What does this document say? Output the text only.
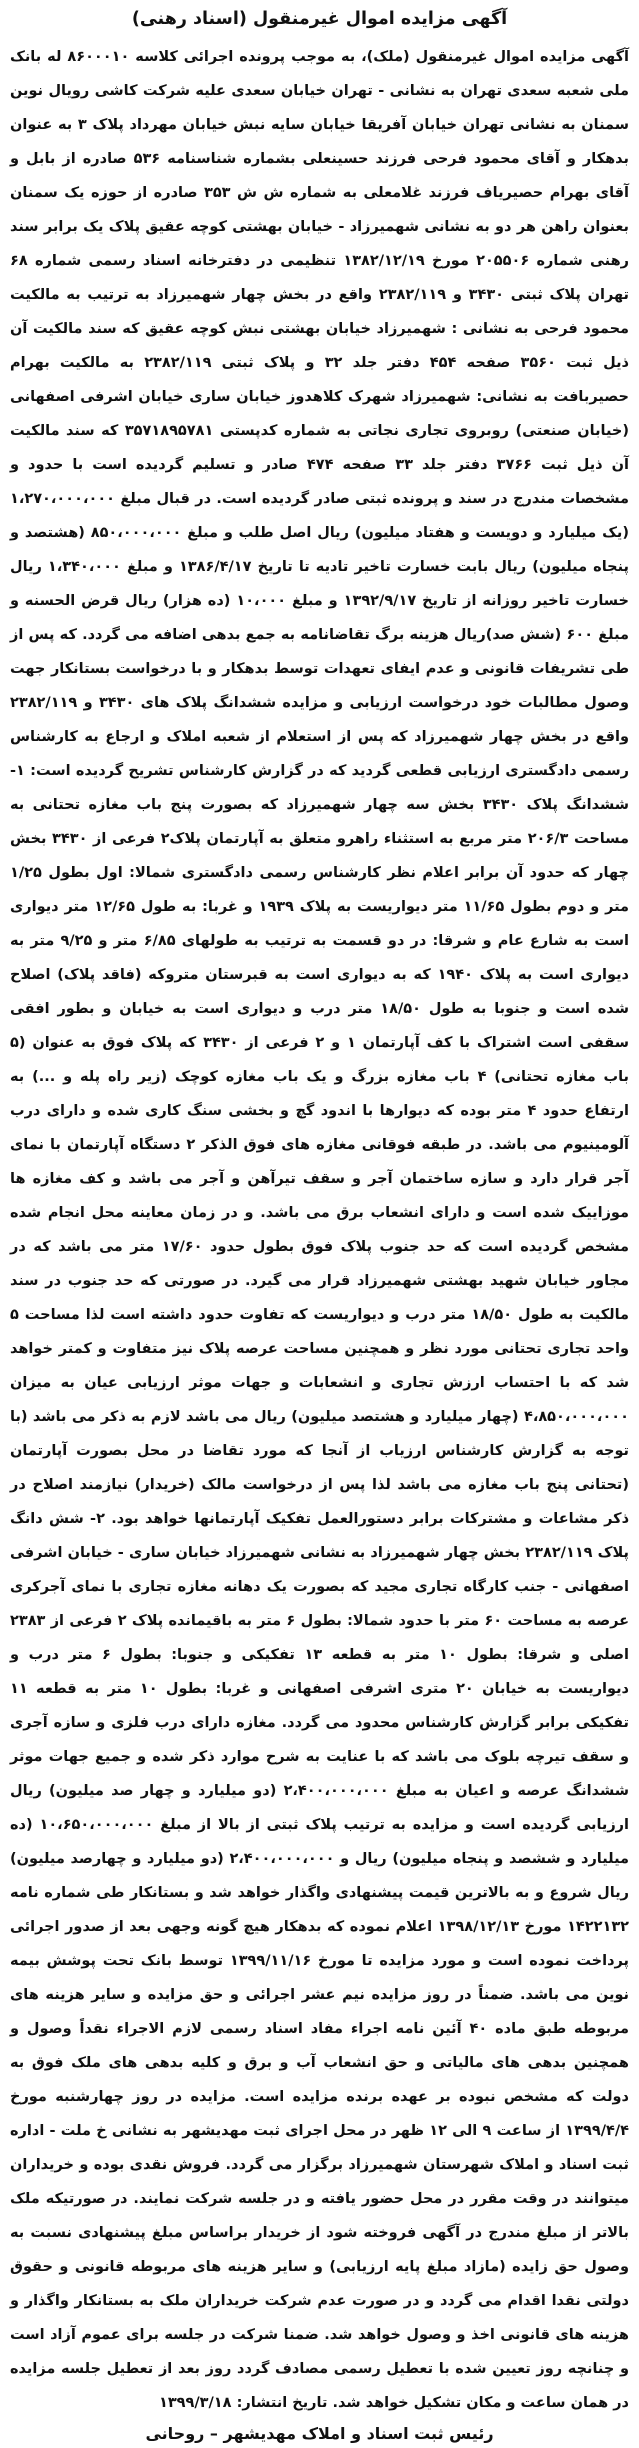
آگهی مزایده اموال غیرمنقول (اسناد رهنی)

آگهی مزایده اموال غیرمنقول (ملک)، به موجب پرونده اجرائی کلاسه ۸۶۰۰۰۱۰ له بانک ملی شعبه سعدی تهران به نشانی - تهران خیابان سعدی علیه شرکت کاشی رویال نوین سمنان به نشانی تهران خیابان آفریقا خیابان سایه نبش خیابان مهرداد پلاک ۳ به عنوان بدهکار و آقای محمود فرحی فرزند حسینعلی بشماره شناسنامه ۵۳۶ صادره از بابل و آقای بهرام حصیریاف فرزند غلامعلی به شماره ش ش ۳۵۳ صادره از حوزه یک سمنان بعنوان راهن هر دو به نشانی شهمیرزاد - خیابان بهشتی کوچه عقیق پلاک یک برابر سند رهنی شماره ۲۰۵۵۰۶ مورخ ۱۳۸۲/۱۲/۱۹ تنظیمی در دفترخانه اسناد رسمی شماره ۶۸ تهران پلاک ثبتی ۳۴۳۰ و ۲۳۸۲/۱۱۹ واقع در بخش چهار شهمیرزاد به ترتیب به مالکیت محمود فرحی به نشانی : شهمیرزاد خیابان بهشتی نبش کوچه عقیق که سند مالکیت آن ذیل ثبت ۳۵۶۰ صفحه ۴۵۴ دفتر جلد ۳۲ و پلاک ثبتی ۲۳۸۲/۱۱۹ به مالکیت بهرام حصیربافت به نشانی: شهمیرزاد شهرک کلاهدوز خیابان ساری خیابان اشرفی اصفهانی (خیابان صنعتی) روبروی تجاری نجاتی به شماره کدپستی ۳۵۷۱۸۹۵۷۸۱ که سند مالکیت آن ذیل ثبت ۳۷۶۶ دفتر جلد ۳۳ صفحه ۴۷۴ صادر و تسلیم گردیده است با حدود و مشخصات مندرج در سند و پرونده ثبتی صادر گردیده است. در قبال مبلغ ۱،۲۷۰،۰۰۰،۰۰۰ (یک میلیارد و دویست و هفتاد میلیون) ریال اصل طلب و مبلغ ۸۵۰،۰۰۰،۰۰۰ (هشتصد و پنجاه میلیون) ریال بابت خسارت تاخیر تادیه تا تاریخ ۱۳۸۶/۴/۱۷ و مبلغ ۱،۳۴۰،۰۰۰ ریال خسارت تاخیر روزانه از تاریخ ۱۳۹۲/۹/۱۷ و مبلغ ۱۰،۰۰۰ (ده هزار) ریال قرض الحسنه و مبلغ ۶۰۰ (شش صد)ریال هزینه برگ تقاضانامه به جمع بدهی اضافه می گردد. که پس از طی تشریفات قانونی و عدم ایفای تعهدات توسط بدهکار و با درخواست بستانکار جهت وصول مطالبات خود درخواست ارزیابی و مزایده ششدانگ پلاک های ۳۴۳۰ و ۲۳۸۲/۱۱۹ واقع در بخش چهار شهمیرزاد که پس از استعلام از شعبه املاک و ارجاع به کارشناس رسمی دادگستری ارزیابی قطعی گردید که در گزارش کارشناس تشریح گردیده است: ۱- ششدانگ پلاک ۳۴۳۰ بخش سه چهار شهمیرزاد که بصورت پنج باب مغازه تحتانی به مساحت ۲۰۶/۳ متر مربع به استثناء راهرو متعلق به آپارتمان پلاک۲ فرعی از ۳۴۳۰ بخش چهار که حدود آن برابر اعلام نظر کارشناس رسمی دادگستری شمالا: اول بطول ۱/۲۵ متر و دوم بطول ۱۱/۶۵ متر دیواریست به پلاک ۱۹۳۹ و غربا: به طول ۱۲/۶۵ متر دیواری است به شارع عام و شرقا: در دو قسمت به ترتیب به طولهای ۶/۸۵ متر و ۹/۲۵ متر به دیواری است به پلاک ۱۹۴۰ که به دیواری است به قبرستان متروکه (فاقد پلاک) اصلاح شده است و جنوبا به طول ۱۸/۵۰ متر درب و دیواری است به خیابان و بطور افقی سقفی است اشتراک با کف آپارتمان ۱ و ۲ فرعی از ۳۴۳۰ که پلاک فوق به عنوان (۵ باب مغازه تحتانی) ۴ باب مغازه بزرگ و یک باب مغازه کوچک (زیر راه پله و ...) به ارتفاع حدود ۴ متر بوده که دیوارها با اندود گچ و بخشی سنگ کاری شده و دارای درب آلومینیوم می باشد. در طبقه فوقانی مغازه های فوق الذکر ۲ دستگاه آپارتمان با نمای آجر قرار دارد و سازه ساختمان آجر و سقف تیرآهن و آجر می باشد و کف مغازه ها موزاییک شده است و دارای انشعاب برق می باشد. و در زمان معاینه محل انجام شده مشخص گردیده است که حد جنوب پلاک فوق بطول حدود ۱۷/۶۰ متر می باشد که در مجاور خیابان شهید بهشتی شهمیرزاد قرار می گیرد. در صورتی که حد جنوب در سند مالکیت به طول ۱۸/۵۰ متر درب و دیواریست که تفاوت حدود داشته است لذا مساحت ۵ واحد تجاری تحتانی مورد نظر و همچنین مساحت عرصه پلاک نیز متفاوت و کمتر خواهد شد که با احتساب ارزش تجاری و انشعابات و جهات موثر ارزیابی عیان به میزان ۴،۸۵۰،۰۰۰،۰۰۰ (چهار میلیارد و هشتصد میلیون) ریال می باشد لازم به ذکر می باشد (با توجه به گزارش کارشناس ارزیاب از آنجا که مورد تقاضا در محل بصورت آپارتمان (تحتانی پنج باب مغازه می باشد لذا پس از درخواست مالک (خریدار) نیازمند اصلاح در ذکر مشاعات و مشترکات برابر دستورالعمل تفکیک آپارتمانها خواهد بود. ۲- شش دانگ پلاک ۲۳۸۲/۱۱۹ بخش چهار شهمیرزاد به نشانی شهمیرزاد خیابان ساری - خیابان اشرفی اصفهانی - جنب کارگاه تجاری مجید که بصورت یک دهانه مغازه تجاری با نمای آجرکری عرصه به مساحت ۶۰ متر با حدود شمالا: بطول ۶ متر به باقیمانده پلاک ۲ فرعی از ۲۳۸۳ اصلی و شرقا: بطول ۱۰ متر به قطعه ۱۳ تفکیکی و جنوبا: بطول ۶ متر درب و دیواریست به خیابان ۲۰ متری اشرفی اصفهانی و غربا: بطول ۱۰ متر به قطعه ۱۱ تفکیکی برابر گزارش کارشناس محدود می گردد. مغازه دارای درب فلزی و سازه آجری و سقف تیرچه بلوک می باشد که با عنایت به شرح موارد ذکر شده و جمیع جهات موثر ششدانگ عرصه و اعیان به مبلغ ۲،۴۰۰،۰۰۰،۰۰۰ (دو میلیارد و چهار صد میلیون) ریال ارزیابی گردیده است و مزایده به ترتیب پلاک ثبتی از بالا از مبلغ ۱۰،۶۵۰،۰۰۰،۰۰۰ (ده میلیارد و ششصد و پنجاه میلیون) ریال و ۲،۴۰۰،۰۰۰،۰۰۰ (دو میلیارد و چهارصد میلیون) ریال شروع و به بالاترین قیمت پیشنهادی واگذار خواهد شد و بستانکار طی شماره نامه ۱۴۲۲۱۳۲ مورخ ۱۳۹۸/۱۲/۱۳ اعلام نموده که بدهکار هیچ گونه وجهی بعد از صدور اجرائی پرداخت نموده است و مورد مزایده تا مورخ ۱۳۹۹/۱۱/۱۶ توسط بانک تحت پوشش بیمه نوین می باشد. ضمناً در روز مزایده نیم عشر اجرائی و حق مزایده و سایر هزینه های مربوطه طبق ماده ۴۰ آئین نامه اجراء مفاد اسناد رسمی لازم الاجراء نقداً وصول و همچنین بدهی های مالیاتی و حق انشعاب آب و برق و کلیه بدهی های ملک فوق به دولت که مشخص نبوده بر عهده برنده مزایده است. مزایده در روز چهارشنبه مورخ ۱۳۹۹/۴/۴ از ساعت ۹ الی ۱۲ ظهر در محل اجرای ثبت مهدیشهر به نشانی خ ملت - اداره ثبت اسناد و املاک شهرستان شهمیرزاد برگزار می گردد. فروش نقدی بوده و خریداران میتوانند در وقت مقرر در محل حضور یافته و در جلسه شرکت نمایند. در صورتیکه ملک بالاتر از مبلغ مندرج در آگهی فروخته شود از خریدار براساس مبلغ پیشنهادی نسبت به وصول حق زایده (مازاد مبلغ پایه ارزیابی) و سایر هزینه های مربوطه قانونی و حقوق دولتی نقدا اقدام می گردد و در صورت عدم شرکت خریداران ملک به بستانکار واگذار و هزینه های قانونی اخذ و وصول خواهد شد. ضمنا شرکت در جلسه برای عموم آزاد است و چنانچه روز تعیین شده با تعطیل رسمی مصادف گردد روز بعد از تعطیل جلسه مزایده در همان ساعت و مکان تشکیل خواهد شد. تاریخ انتشار: ۱۳۹۹/۳/۱۸

رئیس ثبت اسناد و املاک مهدیشهر – روحانی
